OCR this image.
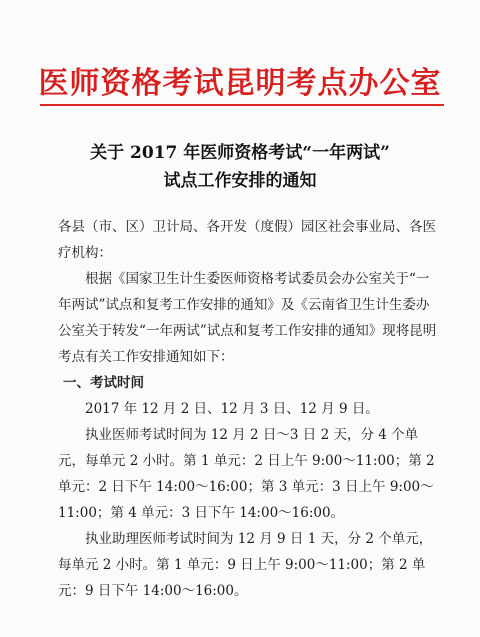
医师资格考试昆明考点办公室
关于 2017 年医师资格考试“一年两试”
试点工作安排的通知

各县（市、区）卫计局、各开发（度假）园区社会事业局、各医疗机构：

根据《国家卫生计生委医师资格考试委员会办公室关于“一年两试”试点和复考工作安排的通知》及《云南省卫生计生委办公室关于转发“一年两试”试点和复考工作安排的通知》现将昆明考点有关工作安排通知如下：

一、考试时间

2017 年 12 月 2 日、12 月 3 日、12 月 9 日。

执业医师考试时间为 12 月 2 日～3 日 2 天，分 4 个单元，每单元 2 小时。第 1 单元：2 日上午 9:00～11:00；第 2 单元：2 日下午 14:00～16:00；第 3 单元：3 日上午 9:00～11:00；第 4 单元：3 日下午 14:00～16:00。

执业助理医师考试时间为 12 月 9 日 1 天，分 2 个单元，每单元 2 小时。第 1 单元：9 日上午 9:00～11:00；第 2 单元：9 日下午 14:00～16:00。
